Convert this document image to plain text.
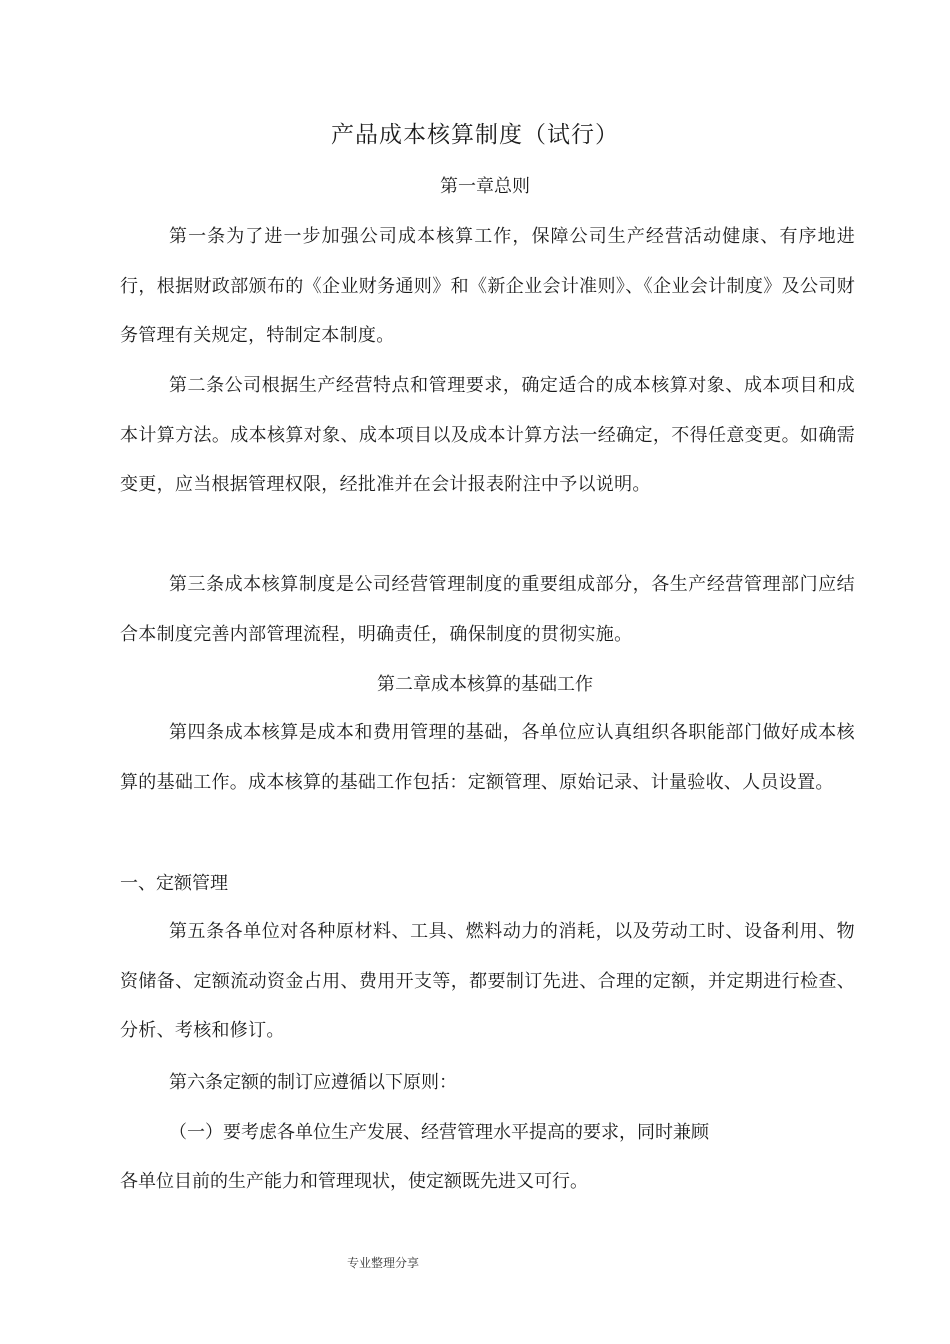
产品成本核算制度（试行）
第一章总则
第一条为了进一步加强公司成本核算工作，保障公司生产经营活动健康、有序地进行，根据财政部颁布的《企业财务通则》和《新企业会计准则》、《企业会计制度》及公司财务管理有关规定，特制定本制度。
第二条公司根据生产经营特点和管理要求，确定适合的成本核算对象、成本项目和成本计算方法。成本核算对象、成本项目以及成本计算方法一经确定，不得任意变更。如确需变更，应当根据管理权限，经批准并在会计报表附注中予以说明。
第三条成本核算制度是公司经营管理制度的重要组成部分，各生产经营管理部门应结合本制度完善内部管理流程，明确责任，确保制度的贯彻实施。
第二章成本核算的基础工作
第四条成本核算是成本和费用管理的基础，各单位应认真组织各职能部门做好成本核算的基础工作。成本核算的基础工作包括：定额管理、原始记录、计量验收、人员设置。
一、定额管理
第五条各单位对各种原材料、工具、燃料动力的消耗，以及劳动工时、设备利用、物资储备、定额流动资金占用、费用开支等，都要制订先进、合理的定额，并定期进行检查、分析、考核和修订。
第六条定额的制订应遵循以下原则：
（一）要考虑各单位生产发展、经营管理水平提高的要求，同时兼顾
各单位目前的生产能力和管理现状，使定额既先进又可行。
专业整理分享
